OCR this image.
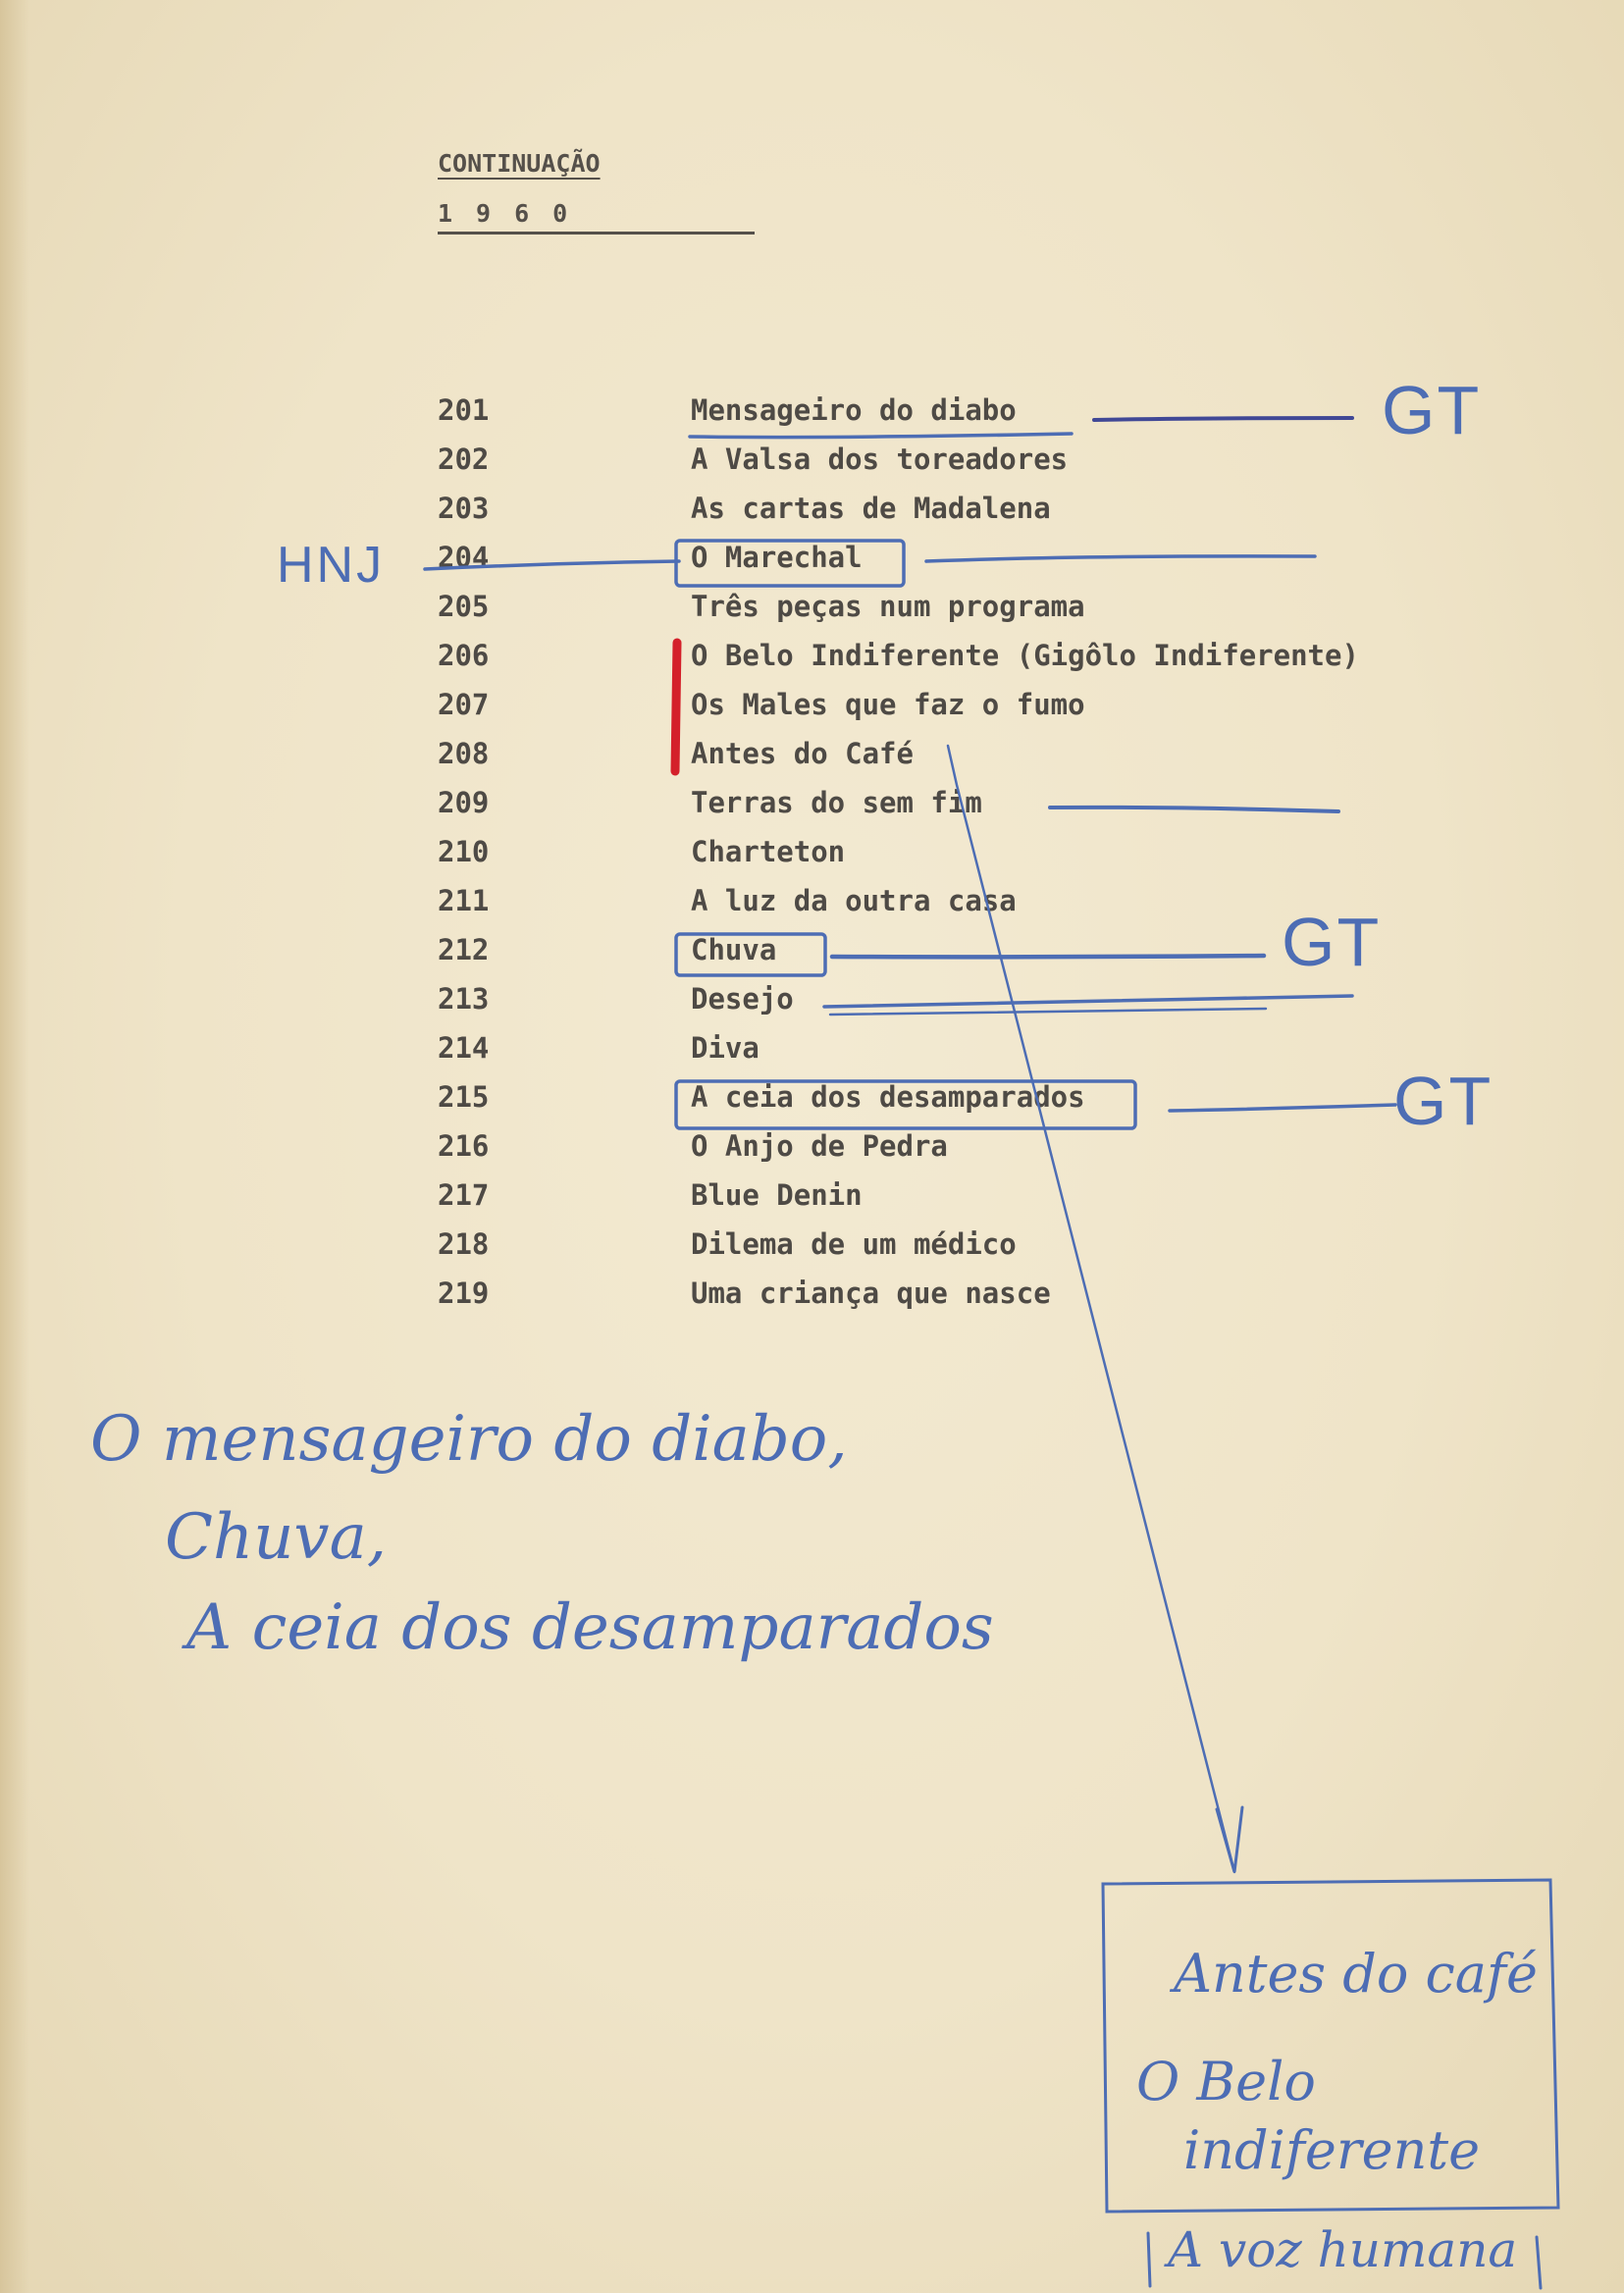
CONTINUAÇÃO
1960
201	Mensageiro do diabo
202	A Valsa dos toreadores
203	As cartas de Madalena
204	O Marechal
205	Três peças num programa
206	O Belo Indiferente (Gigôlo Indiferente)
207	Os Males que faz o fumo
208	Antes do Café
209	Terras do sem fim
210	Charteton
211	A luz da outra casa
212	Chuva
213	Desejo
214	Diva
215	A ceia dos desamparados
216	O Anjo de Pedra
217	Blue Denin
218	Dilema de um médico
219	Uma criança que nasce
GT
GT
GT
HNJ
O mensageiro do diabo,
Chuva,
A ceia dos desamparados
Antes do café
O Belo
indiferente
A voz humana
